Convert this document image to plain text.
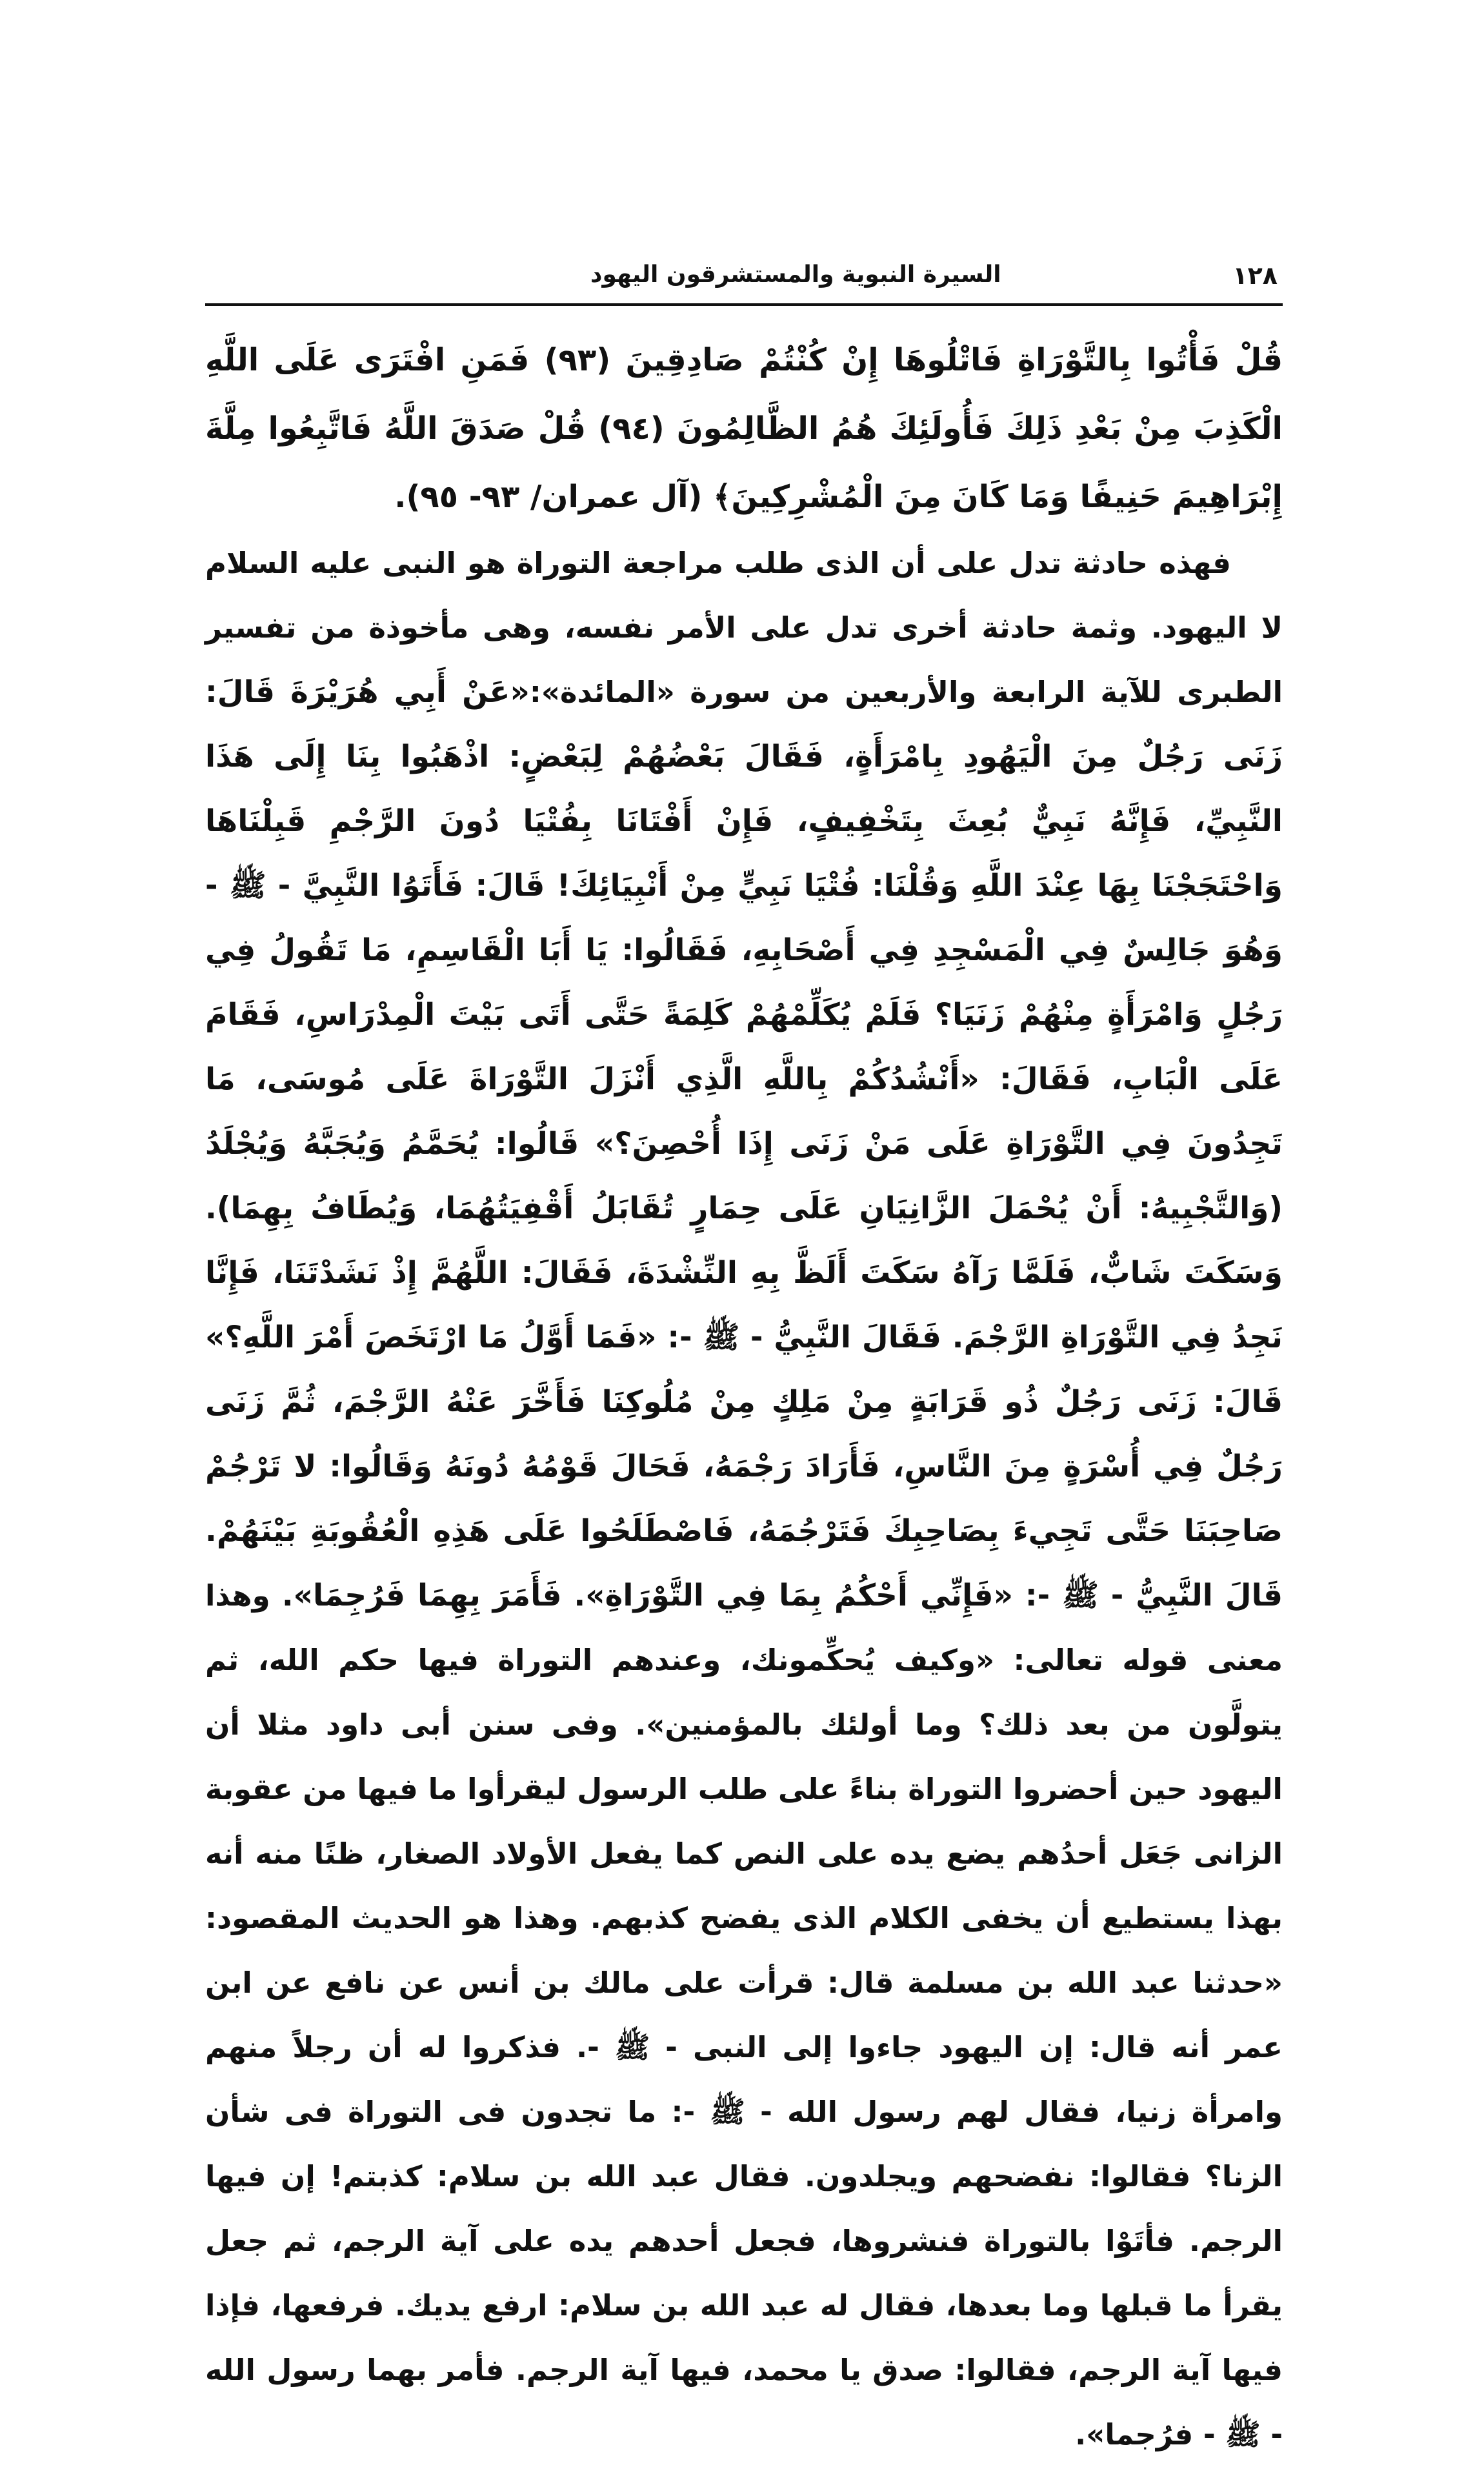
١٢٨
السيرة النبوية والمستشرقون اليهود

قُلْ فَأْتُوا بِالتَّوْرَاةِ فَاتْلُوهَا إِنْ كُنْتُمْ صَادِقِينَ (٩٣) فَمَنِ افْتَرَى عَلَى اللَّهِ الْكَذِبَ مِنْ بَعْدِ ذَلِكَ فَأُولَئِكَ هُمُ الظَّالِمُونَ (٩٤) قُلْ صَدَقَ اللَّهُ فَاتَّبِعُوا مِلَّةَ إِبْرَاهِيمَ حَنِيفًا وَمَا كَانَ مِنَ الْمُشْرِكِينَ﴾ (آل عمران/ ٩٣- ٩٥).

فهذه حادثة تدل على أن الذى طلب مراجعة التوراة هو النبى عليه السلام لا اليهود. وثمة حادثة أخرى تدل على الأمر نفسه، وهى مأخوذة من تفسير الطبرى للآية الرابعة والأربعين من سورة «المائدة»:«عَنْ أَبِي هُرَيْرَةَ قَالَ: زَنَى رَجُلٌ مِنَ الْيَهُودِ بِامْرَأَةٍ، فَقَالَ بَعْضُهُمْ لِبَعْضٍ: اذْهَبُوا بِنَا إِلَى هَذَا النَّبِيِّ، فَإِنَّهُ نَبِيٌّ بُعِثَ بِتَخْفِيفٍ، فَإِنْ أَفْتَانَا بِفُتْيَا دُونَ الرَّجْمِ قَبِلْنَاهَا وَاحْتَجَجْنَا بِهَا عِنْدَ اللَّهِ وَقُلْنَا: فُتْيَا نَبِيٍّ مِنْ أَنْبِيَائِكَ! قَالَ: فَأَتَوُا النَّبِيَّ - ﷺ - وَهُوَ جَالِسٌ فِي الْمَسْجِدِ فِي أَصْحَابِهِ، فَقَالُوا: يَا أَبَا الْقَاسِمِ، مَا تَقُولُ فِي رَجُلٍ وَامْرَأَةٍ مِنْهُمْ زَنَيَا؟ فَلَمْ يُكَلِّمْهُمْ كَلِمَةً حَتَّى أَتَى بَيْتَ الْمِدْرَاسِ، فَقَامَ عَلَى الْبَابِ، فَقَالَ: «أَنْشُدُكُمْ بِاللَّهِ الَّذِي أَنْزَلَ التَّوْرَاةَ عَلَى مُوسَى، مَا تَجِدُونَ فِي التَّوْرَاةِ عَلَى مَنْ زَنَى إِذَا أُحْصِنَ؟» قَالُوا: يُحَمَّمُ وَيُجَبَّهُ وَيُجْلَدُ (وَالتَّجْبِيهُ: أَنْ يُحْمَلَ الزَّانِيَانِ عَلَى حِمَارٍ تُقَابَلُ أَقْفِيَتُهُمَا، وَيُطَافُ بِهِمَا). وَسَكَتَ شَابٌّ، فَلَمَّا رَآهُ سَكَتَ أَلَظَّ بِهِ النِّشْدَةَ، فَقَالَ: اللَّهُمَّ إِذْ نَشَدْتَنَا، فَإِنَّا نَجِدُ فِي التَّوْرَاةِ الرَّجْمَ. فَقَالَ النَّبِيُّ - ﷺ -: «فَمَا أَوَّلُ مَا ارْتَخَصَ أَمْرَ اللَّهِ؟» قَالَ: زَنَى رَجُلٌ ذُو قَرَابَةٍ مِنْ مَلِكٍ مِنْ مُلُوكِنَا فَأَخَّرَ عَنْهُ الرَّجْمَ، ثُمَّ زَنَى رَجُلٌ فِي أُسْرَةٍ مِنَ النَّاسِ، فَأَرَادَ رَجْمَهُ، فَحَالَ قَوْمُهُ دُونَهُ وَقَالُوا: لا تَرْجُمْ صَاحِبَنَا حَتَّى تَجِيءَ بِصَاحِبِكَ فَتَرْجُمَهُ، فَاصْطَلَحُوا عَلَى هَذِهِ الْعُقُوبَةِ بَيْنَهُمْ. قَالَ النَّبِيُّ - ﷺ -: «فَإِنِّي أَحْكُمُ بِمَا فِي التَّوْرَاةِ». فَأَمَرَ بِهِمَا فَرُجِمَا». وهذا معنى قوله تعالى: «وكيف يُحكِّمونك، وعندهم التوراة فيها حكم الله، ثم يتولَّون من بعد ذلك؟ وما أولئك بالمؤمنين». وفى سنن أبى داود مثلا أن اليهود حين أحضروا التوراة بناءً على طلب الرسول ليقرأوا ما فيها من عقوبة الزانى جَعَل أحدُهم يضع يده على النص كما يفعل الأولاد الصغار، ظنًا منه أنه بهذا يستطيع أن يخفى الكلام الذى يفضح كذبهم. وهذا هو الحديث المقصود: «حدثنا عبد الله بن مسلمة قال: قرأت على مالك بن أنس عن نافع عن ابن عمر أنه قال: إن اليهود جاءوا إلى النبى - ﷺ -. فذكروا له أن رجلاً منهم وامرأة زنيا، فقال لهم رسول الله - ﷺ -: ما تجدون فى التوراة فى شأن الزنا؟ فقالوا: نفضحهم ويجلدون. فقال عبد الله بن سلام: كذبتم! إن فيها الرجم. فأتَوْا بالتوراة فنشروها، فجعل أحدهم يده على آية الرجم، ثم جعل يقرأ ما قبلها وما بعدها، فقال له عبد الله بن سلام: ارفع يديك. فرفعها، فإذا فيها آية الرجم، فقالوا: صدق يا محمد، فيها آية الرجم. فأمر بهما رسول الله - ﷺ - فرُجما».
